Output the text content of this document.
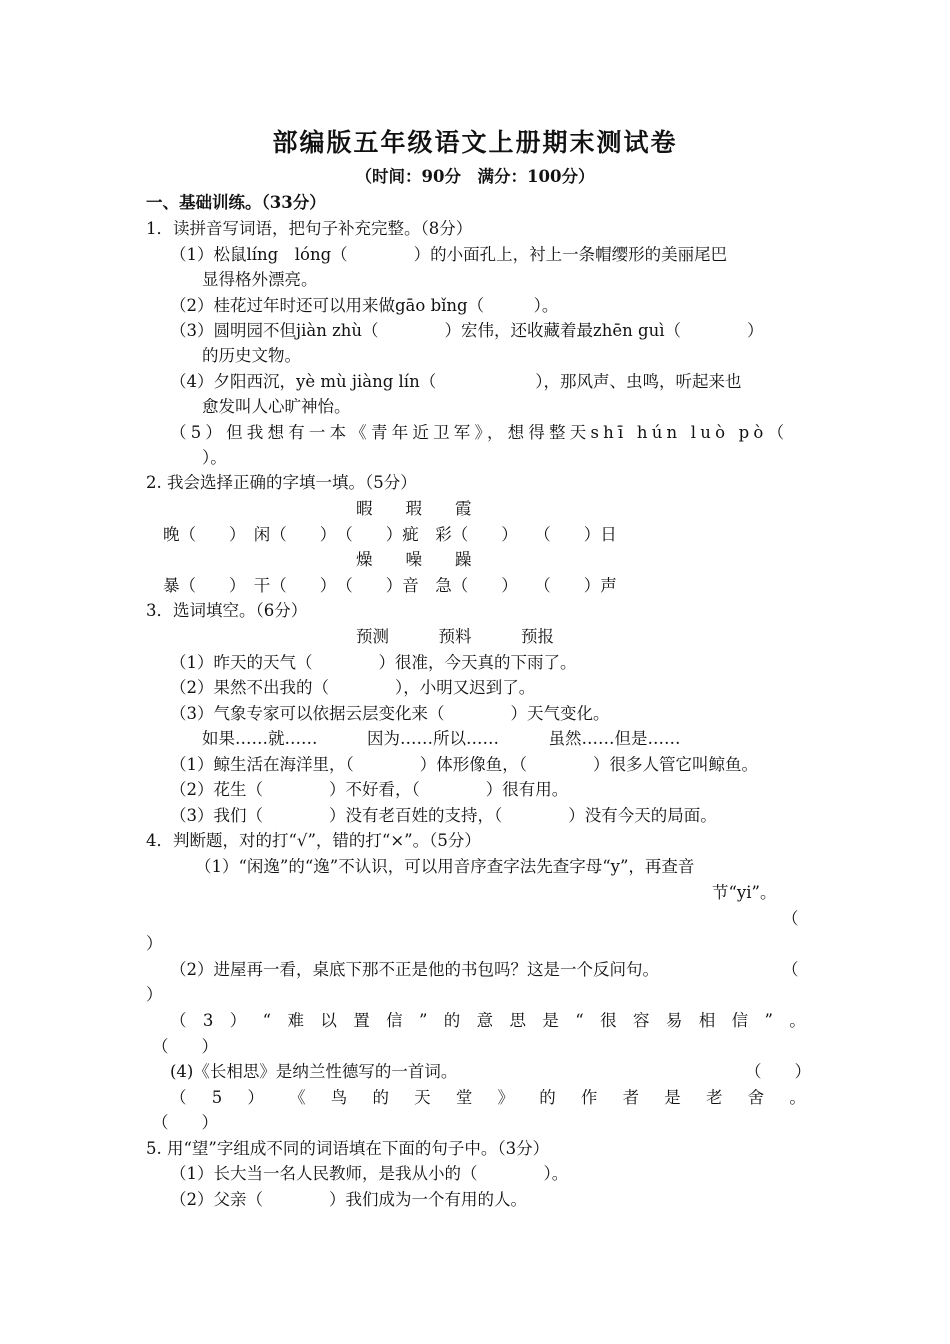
部编版五年级语文上册期末测试卷
（时间：90分　满分：100分）
一、基础训练。（33分）
1．读拼音写词语，把句子补充完整。（8分）
（1）松鼠líng　lóng（　　　　）的小面孔上，衬上一条帽缨形的美丽尾巴
显得格外漂亮。
（2）桂花过年时还可以用来做gāo bǐng（　　　）。
（3）圆明园不但jiàn zhù（　　　　）宏伟，还收藏着最zhēn guì（　　　　）
的历史文物。
（4）夕阳西沉，yè mù jiàng lín（　　　　　　），那风声、虫鸣，听起来也
愈发叫人心旷神怡。
（5）但我想有一本《青年近卫军》，想得整天shī hún luò pò（
）。
2. 我会选择正确的字填一填。（5分）
暇　　瑕　　霞
晚（　　）　闲（　　）　（　　）疵　彩（　　）　　（　　）日
燥　　噪　　躁
暴（　　）　干（　　）　（　　）音　急（　　）　　（　　）声
3．选词填空。（6分）
预测　　　预料　　　预报
（1）昨天的天气（　　　　）很准，今天真的下雨了。
（2）果然不出我的（　　　　），小明又迟到了。
（3）气象专家可以依据云层变化来（　　　　）天气变化。
如果……就……　　　因为……所以……　　　虽然……但是……
（1）鲸生活在海洋里，（　　　　）体形像鱼，（　　　　）很多人管它叫鲸鱼。
（2）花生（　　　　）不好看，（　　　　）很有用。
（3）我们（　　　　）没有老百姓的支持，（　　　　）没有今天的局面。
4．判断题，对的打“√”，错的打“×”。（5分）
（1）“闲逸”的“逸”不认识，可以用音序查字法先查字母“y”，再查音
节“yi”。
（
）
（2）进屋再一看，桌底下那不正是他的书包吗？这是一个反问句。	（
）
（ 3 ） “ 难 以 置 信 ” 的 意 思 是 “ 很 容 易 相 信 ” 。
（　　）
(4)《长相思》是纳兰性德写的一首词。	（　　）
（ 5 ） 《 鸟 的 天 堂 》 的 作 者 是 老 舍 。
（　　）
5. 用“望”字组成不同的词语填在下面的句子中。（3分）
（1）长大当一名人民教师，是我从小的（　　　　）。
（2）父亲（　　　　）我们成为一个有用的人。
